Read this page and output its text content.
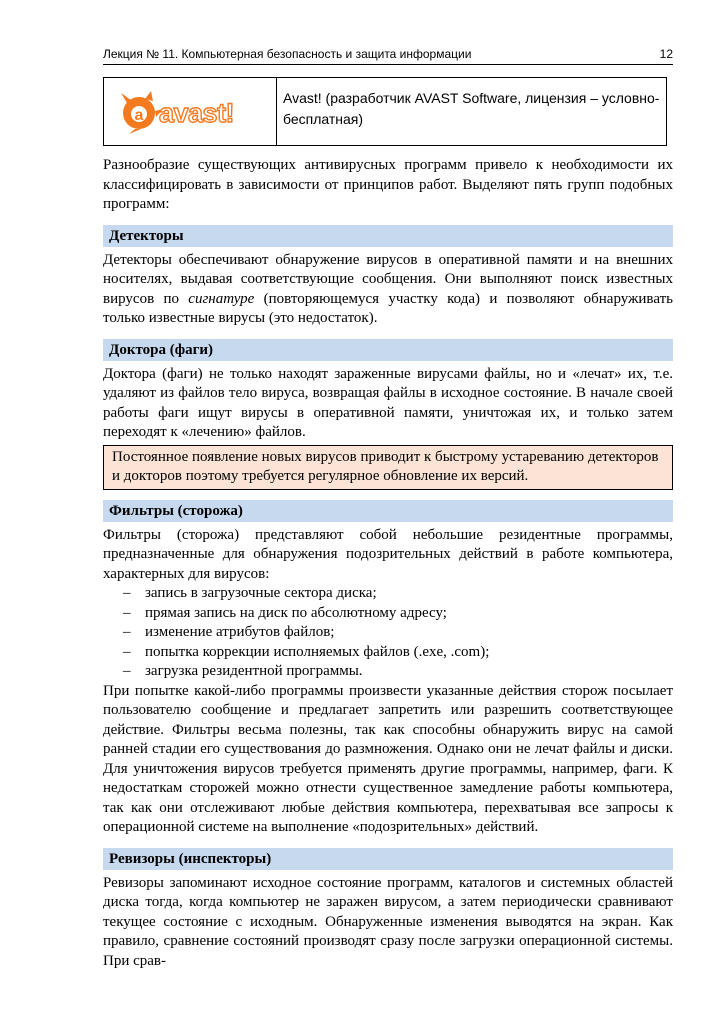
Лекция № 11. Компьютерная безопасность и защита информации	12
a avast!	Avast! (разработчик AVAST Software, лицензия – условно-бесплатная)

Разнообразие существующих антивирусных программ привело к необходимости их классифицировать в зависимости от принципов работ. Выделяют пять групп подобных программ:

Детекторы

Детекторы обеспечивают обнаружение вирусов в оперативной памяти и на внешних носителях, выдавая соответствующие сообщения. Они выполняют поиск известных вирусов по сигнатуре (повторяющемуся участку кода) и позволяют обнаруживать только известные вирусы (это недостаток).

Доктора (фаги)

Доктора (фаги) не только находят зараженные вирусами файлы, но и «лечат» их, т.е. удаляют из файлов тело вируса, возвращая файлы в исходное состояние. В начале своей работы фаги ищут вирусы в оперативной памяти, уничтожая их, и только затем переходят к «лечению» файлов.

Постоянное появление новых вирусов приводит к быстрому устареванию детекторов и докторов поэтому требуется регулярное обновление их версий.
Фильтры (сторожа)

Фильтры (сторожа) представляют собой небольшие резидентные программы, предназначенные для обнаружения подозрительных действий в работе компьютера, характерных для вирусов:

– запись в загрузочные сектора диска;
– прямая запись на диск по абсолютному адресу;
– изменение атрибутов файлов;
– попытка коррекции исполняемых файлов (.exe, .com);
– загрузка резидентной программы.

При попытке какой-либо программы произвести указанные действия сторож посылает пользователю сообщение и предлагает запретить или разрешить соответствующее действие. Фильтры весьма полезны, так как способны обнаружить вирус на самой ранней стадии его существования до размножения. Однако они не лечат файлы и диски. Для уничтожения вирусов требуется применять другие программы, например, фаги. К недостаткам сторожей можно отнести существенное замедление работы компьютера, так как они отслеживают любые действия компьютера, перехватывая все запросы к операционной системе на выполнение «подозрительных» действий.

Ревизоры (инспекторы)

Ревизоры запоминают исходное состояние программ, каталогов и системных областей диска тогда, когда компьютер не заражен вирусом, а затем периодически сравнивают текущее состояние с исходным. Обнаруженные изменения выводятся на экран. Как правило, сравнение состояний производят сразу после загрузки операционной системы. При срав-
